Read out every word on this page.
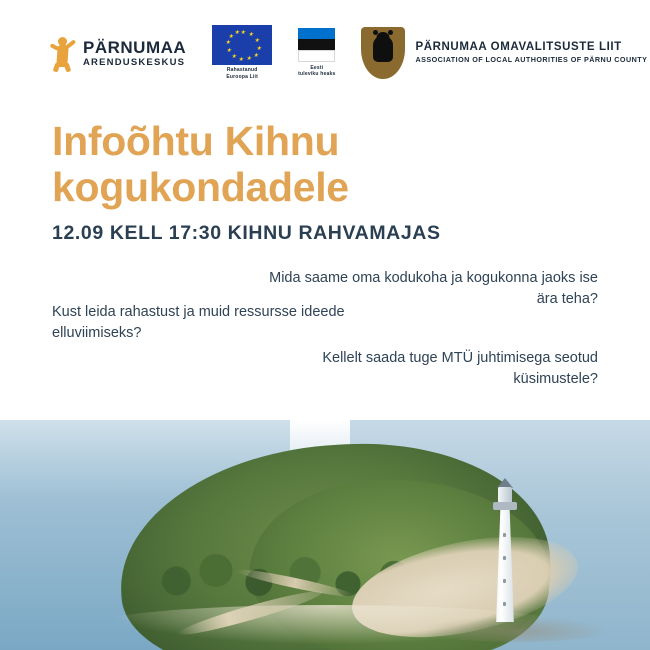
PÄRNUMAA
ARENDUSKESKUS
★ ★
★
★
★
★
★
★
★
★
★
★
Rahastanud
Euroopa Liit
Eesti
tuleviku heaks
PÄRNUMAA OMAVALITSUSTE LIIT
ASSOCIATION OF LOCAL AUTHORITIES OF PÄRNU COUNTY
Infoõhtu Kihnu
kogukondadele
12.09 KELL 17:30 KIHNU RAHVAMAJAS
Mida saame oma kodukoha ja kogukonna jaoks ise ära teha?
Kust leida rahastust ja muid ressursse ideede elluviimiseks?
Kellelt saada tuge MTÜ juhtimisega seotud küsimustele?
